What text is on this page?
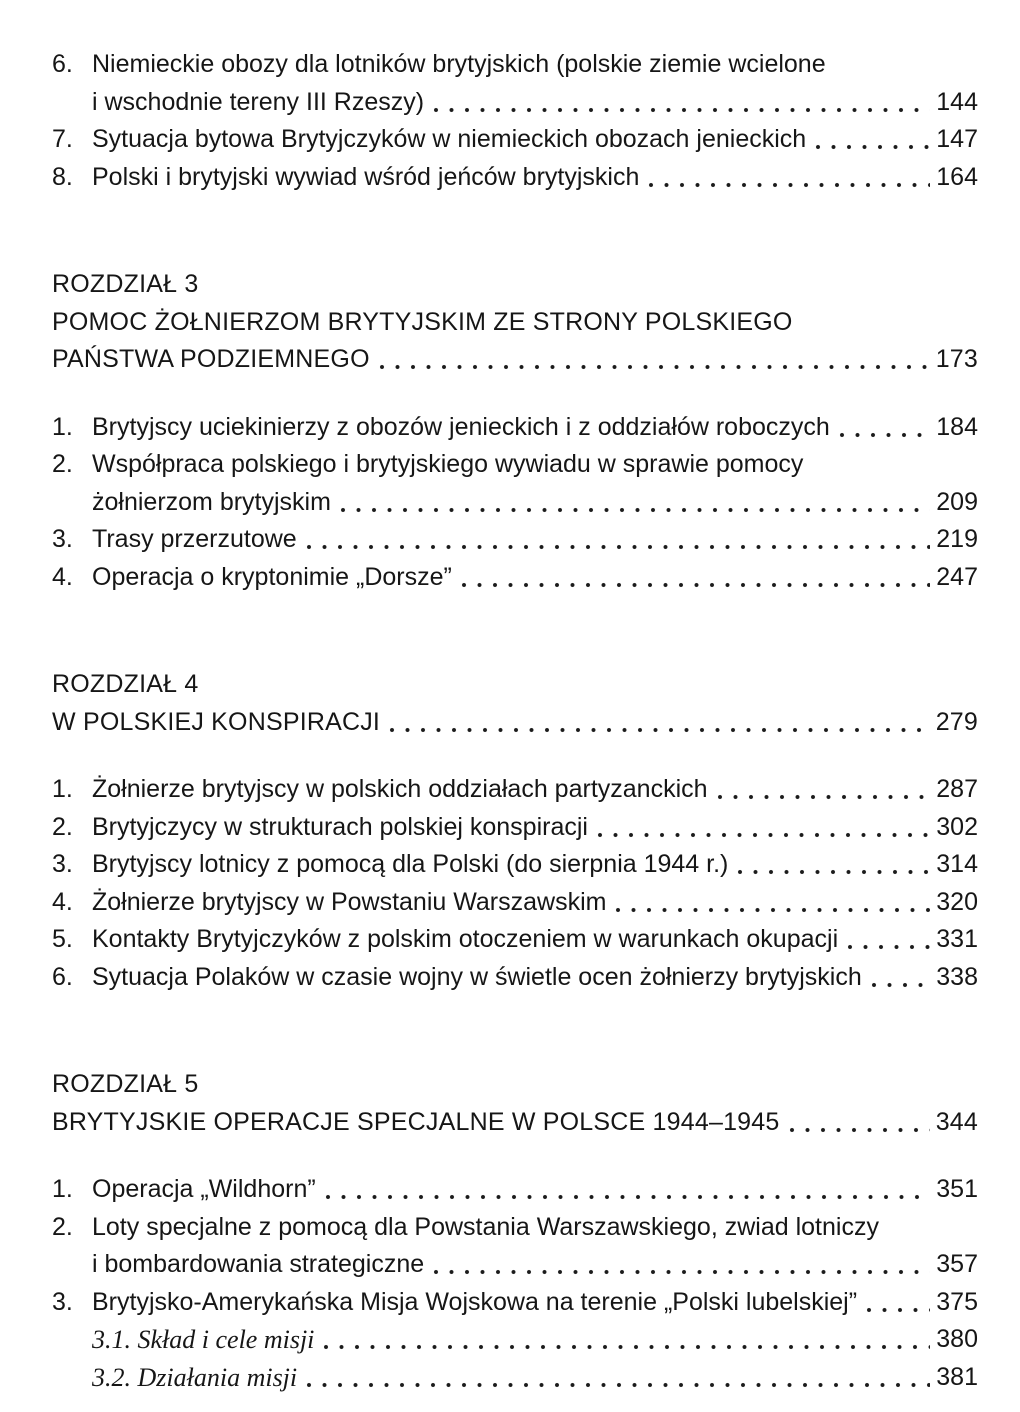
6. Niemieckie obozy dla lotników brytyjskich (polskie ziemie wcielone
i wschodnie tereny III Rzeszy)	144
7. Sytuacja bytowa Brytyjczyków w niemieckich obozach jenieckich	147
8. Polski i brytyjski wywiad wśród jeńców brytyjskich	164
ROZDZIAŁ 3
POMOC ŻOŁNIERZOM BRYTYJSKIM ZE STRONY POLSKIEGO
PAŃSTWA PODZIEMNEGO	173
1. Brytyjscy uciekinierzy z obozów jenieckich i z oddziałów roboczych	184
2. Współpraca polskiego i brytyjskiego wywiadu w sprawie pomocy
żołnierzom brytyjskim	209
3. Trasy przerzutowe	219
4. Operacja o kryptonimie „Dorsze”	247
ROZDZIAŁ 4
W POLSKIEJ KONSPIRACJI	279
1. Żołnierze brytyjscy w polskich oddziałach partyzanckich	287
2. Brytyjczycy w strukturach polskiej konspiracji	302
3. Brytyjscy lotnicy z pomocą dla Polski (do sierpnia 1944 r.)	314
4. Żołnierze brytyjscy w Powstaniu Warszawskim	320
5. Kontakty Brytyjczyków z polskim otoczeniem w warunkach okupacji	331
6. Sytuacja Polaków w czasie wojny w świetle ocen żołnierzy brytyjskich	338
ROZDZIAŁ 5
BRYTYJSKIE OPERACJE SPECJALNE W POLSCE 1944–1945	344
1. Operacja „Wildhorn”	351
2. Loty specjalne z pomocą dla Powstania Warszawskiego, zwiad lotniczy
i bombardowania strategiczne	357
3. Brytyjsko-Amerykańska Misja Wojskowa na terenie „Polski lubelskiej”	375
3.1. Skład i cele misji	380
3.2. Działania misji	381
